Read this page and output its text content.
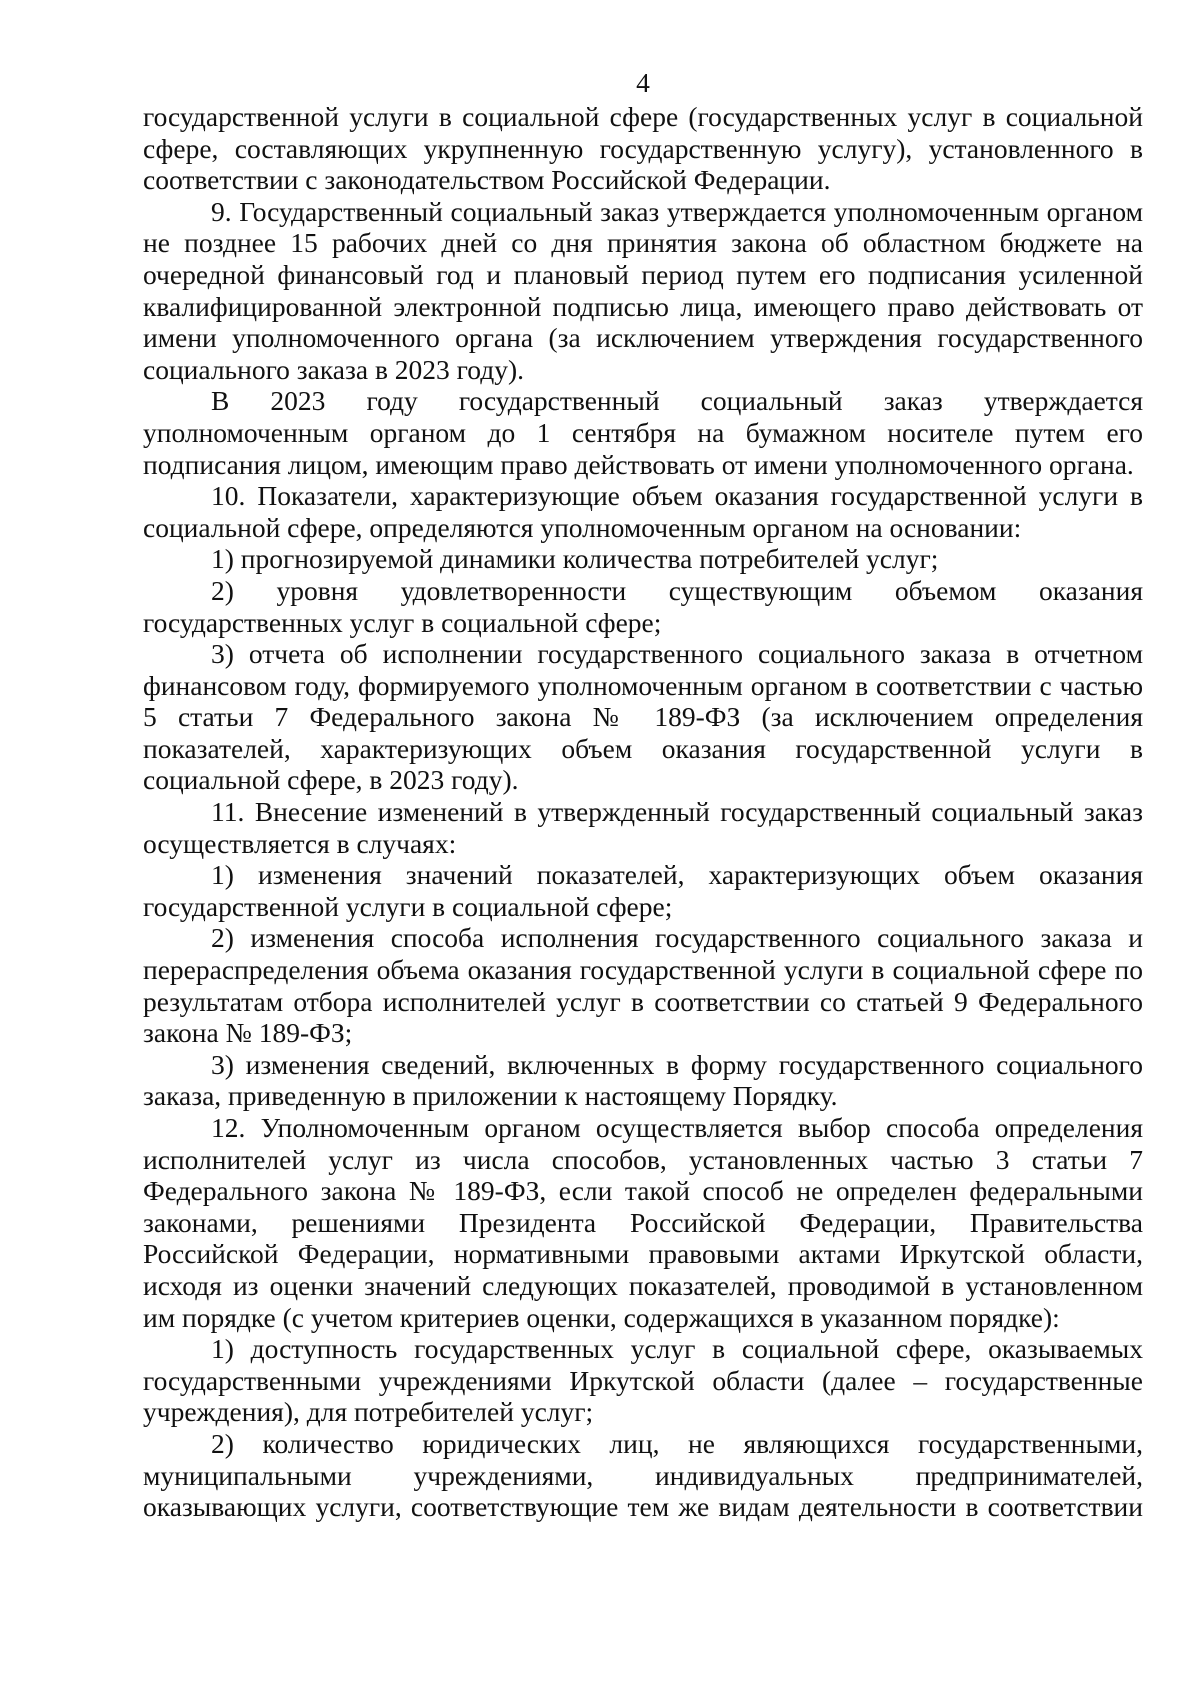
4

государственной услуги в социальной сфере (государственных услуг в социальной сфере, составляющих укрупненную государственную услугу), установленного в соответствии с законодательством Российской Федерации.

9. Государственный социальный заказ утверждается уполномоченным органом не позднее 15 рабочих дней со дня принятия закона об областном бюджете на очередной финансовый год и плановый период путем его подписания усиленной квалифицированной электронной подписью лица, имеющего право действовать от имени уполномоченного органа (за исключением утверждения государственного социального заказа в 2023 году).

В 2023 году государственный социальный заказ утверждается уполномоченным органом до 1 сентября на бумажном носителе путем его подписания лицом, имеющим право действовать от имени уполномоченного органа.

10. Показатели, характеризующие объем оказания государственной услуги в социальной сфере, определяются уполномоченным органом на основании:

1) прогнозируемой динамики количества потребителей услуг;

2) уровня удовлетворенности существующим объемом оказания государственных услуг в социальной сфере;

3) отчета об исполнении государственного социального заказа в отчетном финансовом году, формируемого уполномоченным органом в соответствии с частью 5 статьи 7 Федерального закона № 189-ФЗ (за исключением определения показателей, характеризующих объем оказания государственной услуги в социальной сфере, в 2023 году).

11. Внесение изменений в утвержденный государственный социальный заказ осуществляется в случаях:

1) изменения значений показателей, характеризующих объем оказания государственной услуги в социальной сфере;

2) изменения способа исполнения государственного социального заказа и перераспределения объема оказания государственной услуги в социальной сфере по результатам отбора исполнителей услуг в соответствии со статьей 9 Федерального закона № 189-ФЗ;

3) изменения сведений, включенных в форму государственного социального заказа, приведенную в приложении к настоящему Порядку.

12. Уполномоченным органом осуществляется выбор способа определения исполнителей услуг из числа способов, установленных частью 3 статьи 7 Федерального закона № 189-ФЗ, если такой способ не определен федеральными законами, решениями Президента Российской Федерации, Правительства Российской Федерации, нормативными правовыми актами Иркутской области, исходя из оценки значений следующих показателей, проводимой в установленном им порядке (с учетом критериев оценки, содержащихся в указанном порядке):

1) доступность государственных услуг в социальной сфере, оказываемых государственными учреждениями Иркутской области (далее – государственные учреждения), для потребителей услуг;

2) количество юридических лиц, не являющихся государственными, муниципальными учреждениями, индивидуальных предпринимателей, оказывающих услуги, соответствующие тем же видам деятельности в соответствии
